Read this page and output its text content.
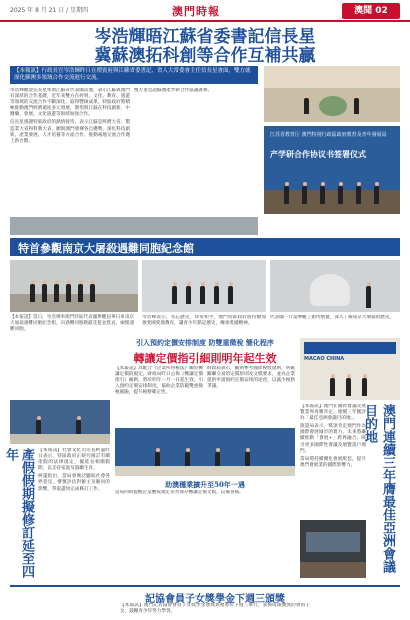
2025 年 8 月 21 日 / 星期四	澳門時報	澳聞 02
岑浩輝晤江蘇省委書記信長星
冀蘇澳拓科創等合作互補共贏
【本報訊】行政長官岑浩輝昨日在禮賓府與江蘇省委書記、省人大常委會主任信長星會面，雙方就深化蘇澳多領域合作交流進行交流。

岑浩輝歡迎信長星率領江蘇省代表團訪澳，表示江蘇與澳門有深厚的合作基礎，近年來雙方在經貿、文化、教育、旅遊等領域的交流合作不斷深化，取得豐碩成果。特區政府將積極推動澳門經濟適度多元發展，期望與江蘇在科技創新、中醫藥、會展、文化旅遊等領域加強合作。

信長星感謝特區政府的熱情接待，表示江蘇是經濟大省、製造業大省和科教大省，願與澳門發揮各自優勢，深化科技創新、產業發展、人才培養等方面合作，推動兩地交流合作邁上新台階。

雙方並見證蘇澳產學研合作協議簽署。

江苏省教育厅 澳門特別行政區政府教育及青年發展局
产学研合作协议书签署仪式
特首參觀南京大屠殺遇難同胞紀念館
【本報訊】當日，岑浩輝率澳門特區代表團參觀侵華日軍南京大屠殺遇難同胞紀念館，向遇難同胞敬獻花籃並默哀，緬懷遇難同胞。

岑浩輝表示，勿忘歷史，珍愛和平，澳門特區政府將持續加強愛國愛澳教育，讓青少年銘記歷史，傳承愛國精神。

代表團一行還參觀了館內展覽，深入了解南京大屠殺的歷史。

引入預約定價安排制度 防雙重徵稅 簡化程序
轉讓定價指引細則明年起生效

【本報訊】為配合《企業所得稅法》關於轉讓定價的規定，財政局昨日公佈《轉讓定價指引》細則，將於明年一月一日起生效，引入預約定價安排制度，協助企業防範雙重徵稅風險，提升稅務確定性。

財政局表示，細則參考國際稅收規則，明確關聯交易的定價原則及文檔要求，並為企業提供申請預約定價安排的途徑，以減少稅務爭議。

助澳穩業擴升至50年一遇

當局同時提醒企業應按規定妥善保存轉讓定價文檔，以備查核。

產假假期擬修訂延至四年	【本報訊】社會文化司司長柯嵐昨日表示，特區政府正研究修訂有關產假的法律規定，擬延長相關假期，以支持家庭及鼓勵生育。

柯嵐指出，當局會廣泛聽取社會各界意見，審慎評估對僱主及僱員的影響，爭取盡快完成修訂工作。

MACAO CHINA

【本報訊】澳門在國際會議及展覽業界再獲肯定，連續三年獲評為「最佳亞洲會議目的地」。

旅遊局表示，獎項肯定澳門作為國際會展城市的實力，未來將繼續推動「會展+」跨界融合，吸引更多國際性會議及展覽落戶澳門。

當局將持續優化會展配套，提升澳門會展業的國際影響力。	澳門連續三年膺最佳亞洲會議目的地
記協會員子女獎學金下週三頒獎
【本報訊】澳門記者協會會員子女獎學金頒獎典禮將於下週三舉行，表揚成績優異的會員子女，鼓勵青少年努力學習。
